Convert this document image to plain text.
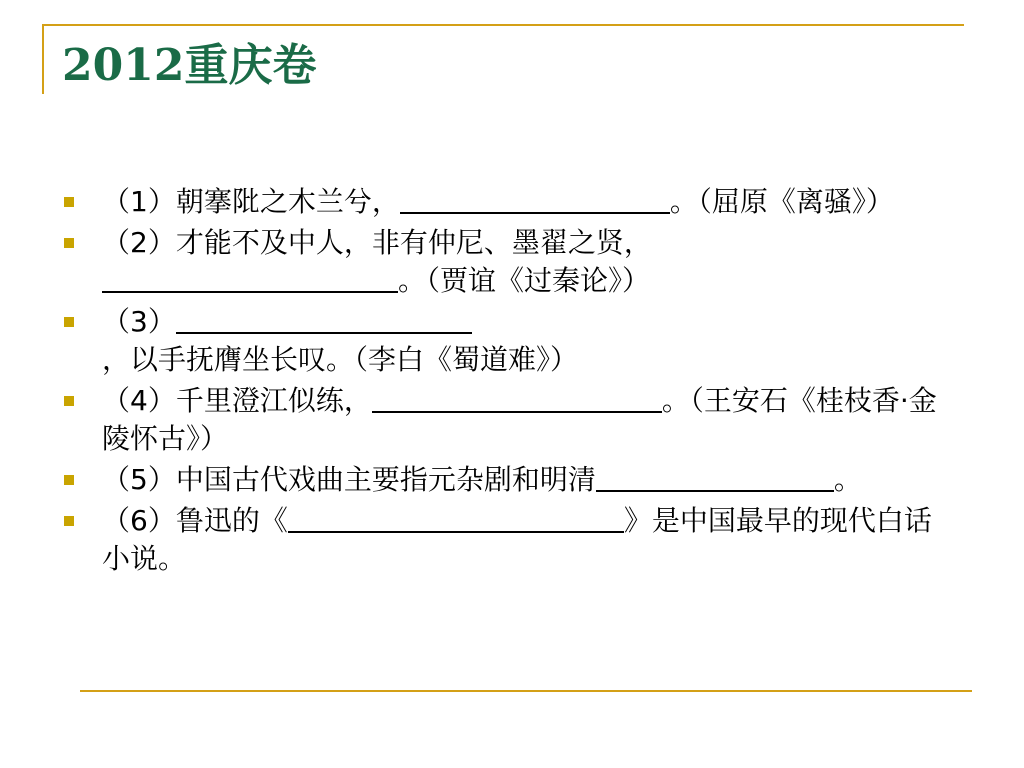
2012重庆卷
（1）朝搴阰之木兰兮，	。（屈原《离骚》）
（2）才能不及中人，非有仲尼、墨翟之贤，。（贾谊《过秦论》）
（3），以手抚膺坐长叹。（李白《蜀道难》）
（4）千里澄江似练，	。（王安石《桂枝香·金陵怀古》）
（5）中国古代戏曲主要指元杂剧和明清	。
（6）鲁迅的《	》是中国最早的现代白话小说。
